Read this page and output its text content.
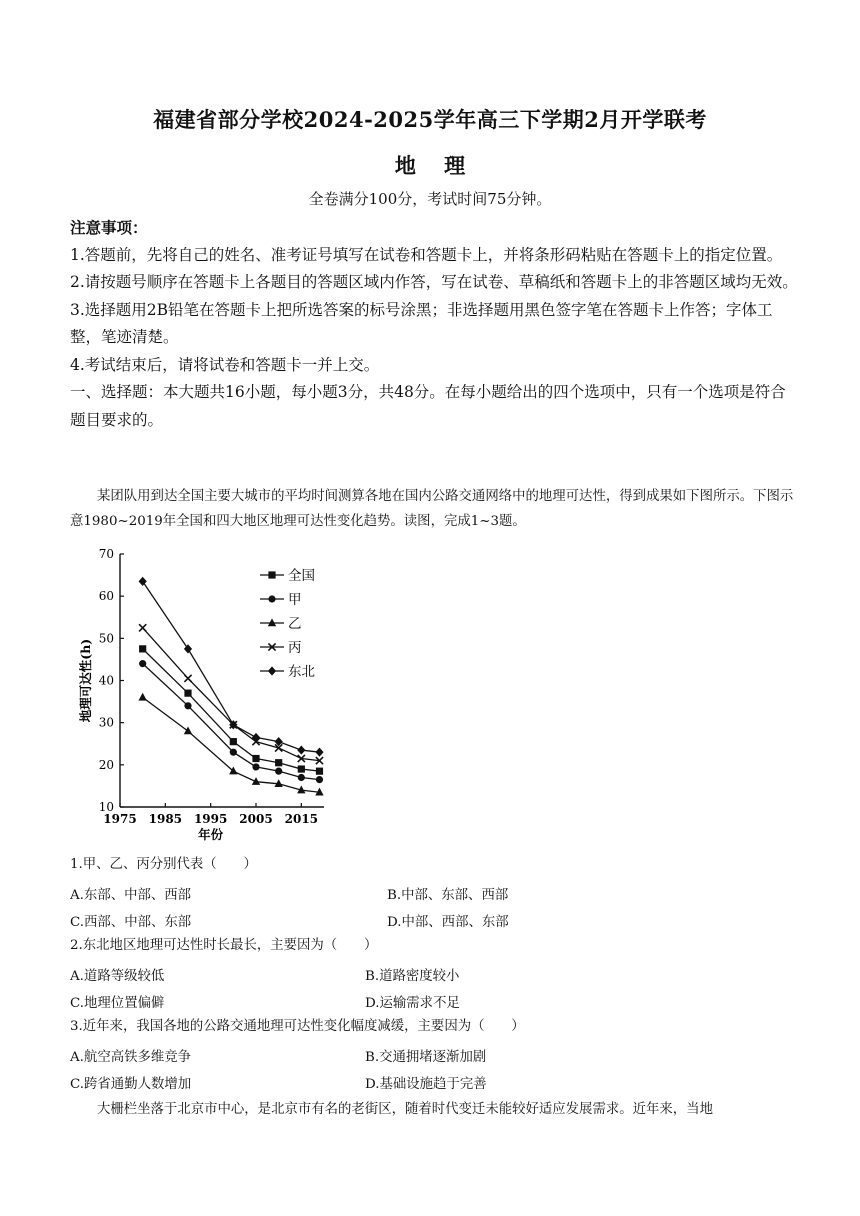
福建省部分学校2024-2025学年高三下学期2月开学联考
地　 理
全卷满分100分，考试时间75分钟。

注意事项：

1.答题前，先将自己的姓名、准考证号填写在试卷和答题卡上，并将条形码粘贴在答题卡上的指定位置。

2.请按题号顺序在答题卡上各题目的答题区域内作答，写在试卷、草稿纸和答题卡上的非答题区域均无效。

3.选择题用2B铅笔在答题卡上把所选答案的标号涂黑；非选择题用黑色签字笔在答题卡上作答；字体工整，笔迹清楚。

4.考试结束后，请将试卷和答题卡一并上交。

一、选择题：本大题共16小题，每小题3分，共48分。在每小题给出的四个选项中，只有一个选项是符合题目要求的。

某团队用到达全国主要大城市的平均时间测算各地在国内公路交通网络中的地理可达性，得到成果如下图所示。下图示意1980~2019年全国和四大地区地理可达性变化趋势。读图，完成1~3题。

10
20
30
40
50
60
70
1975 1985 1995 2005 2015
年份
地理可达性(h)
全国
甲
乙
丙
东北
1.甲、乙、丙分别代表（　　）
A.东部、中部、西部	B.中部、东部、西部
C.西部、中部、东部	D.中部、西部、东部
2.东北地区地理可达性时长最长，主要因为（　　）
A.道路等级较低	B.道路密度较小
C.地理位置偏僻	D.运输需求不足
3.近年来，我国各地的公路交通地理可达性变化幅度减缓，主要因为（　　）
A.航空高铁多维竞争	B.交通拥堵逐渐加剧
C.跨省通勤人数增加	D.基础设施趋于完善
大栅栏坐落于北京市中心，是北京市有名的老街区，随着时代变迁未能较好适应发展需求。近年来，当地
